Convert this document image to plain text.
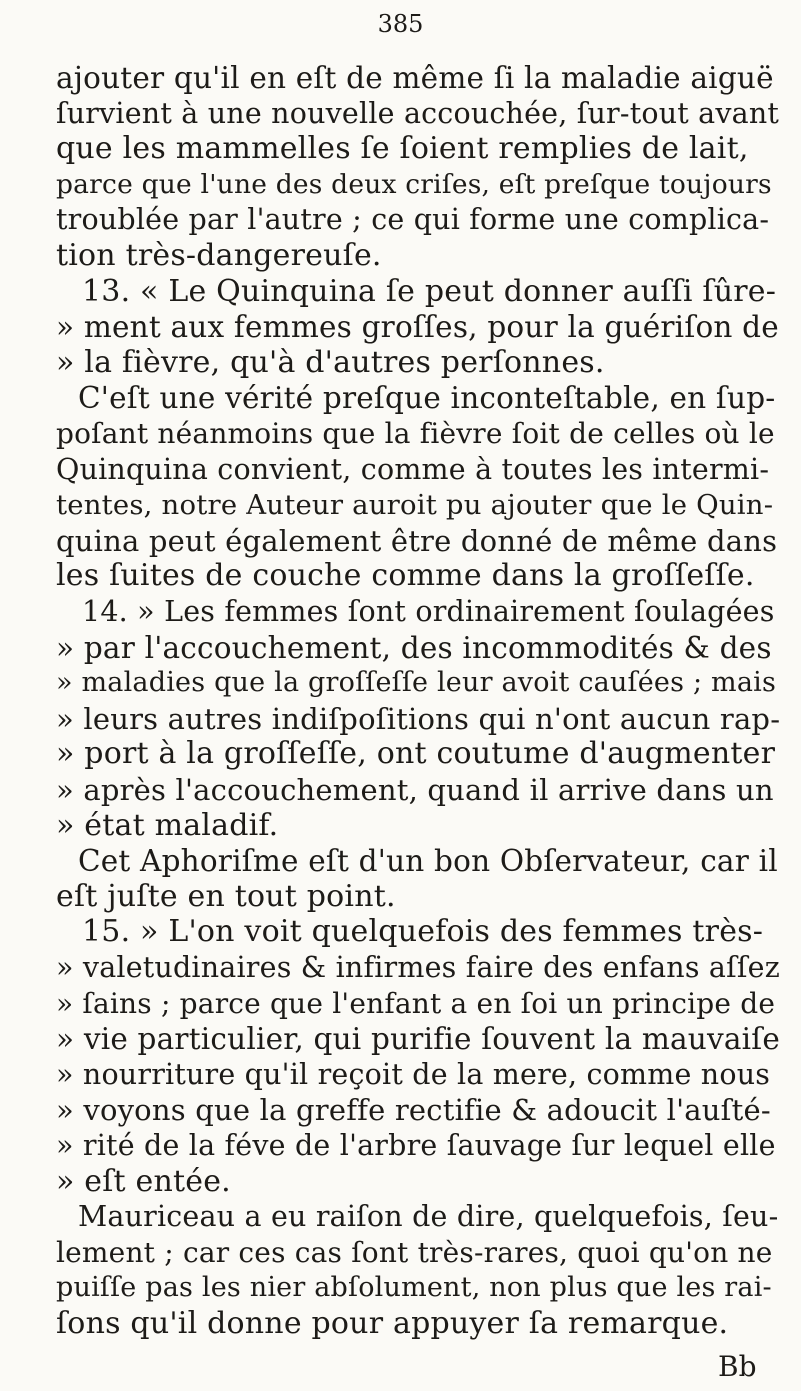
385
ajouter qu'il en eſt de même ſi la maladie aiguë
ſurvient à une nouvelle accouchée, ſur-tout avant
que les mammelles ſe ſoient remplies de lait,
parce que l'une des deux criſes, eſt preſque toujours
troublée par l'autre ; ce qui forme une complica-
tion très-dangereuſe.
13. « Le Quinquina ſe peut donner auſſi ſûre-
» ment aux femmes groſſes, pour la guériſon de
» la fièvre, qu'à d'autres perſonnes.
C'eſt une vérité preſque inconteſtable, en ſup-
poſant néanmoins que la fièvre ſoit de celles où le
Quinquina convient, comme à toutes les intermi-
tentes, notre Auteur auroit pu ajouter que le Quin-
quina peut également être donné de même dans
les ſuites de couche comme dans la groſſeſſe.
14. » Les femmes ſont ordinairement ſoulagées
» par l'accouchement, des incommodités & des
» maladies que la groſſeſſe leur avoit cauſées ; mais
» leurs autres indiſpoſitions qui n'ont aucun rap-
» port à la groſſeſſe, ont coutume d'augmenter
» après l'accouchement, quand il arrive dans un
» état maladif.
Cet Aphoriſme eſt d'un bon Obſervateur, car il
eſt juſte en tout point.
15. » L'on voit quelquefois des femmes très-
» valetudinaires & infirmes faire des enfans aſſez
» ſains ; parce que l'enfant a en ſoi un principe de
» vie particulier, qui purifie ſouvent la mauvaiſe
» nourriture qu'il reçoit de la mere, comme nous
» voyons que la greffe rectifie & adoucit l'auſté-
» rité de la féve de l'arbre ſauvage ſur lequel elle
» eſt entée.
Mauriceau a eu raiſon de dire, quelquefois, ſeu-
lement ; car ces cas ſont très-rares, quoi qu'on ne
puiſſe pas les nier abſolument, non plus que les rai-
ſons qu'il donne pour appuyer ſa remarque.
Bb
